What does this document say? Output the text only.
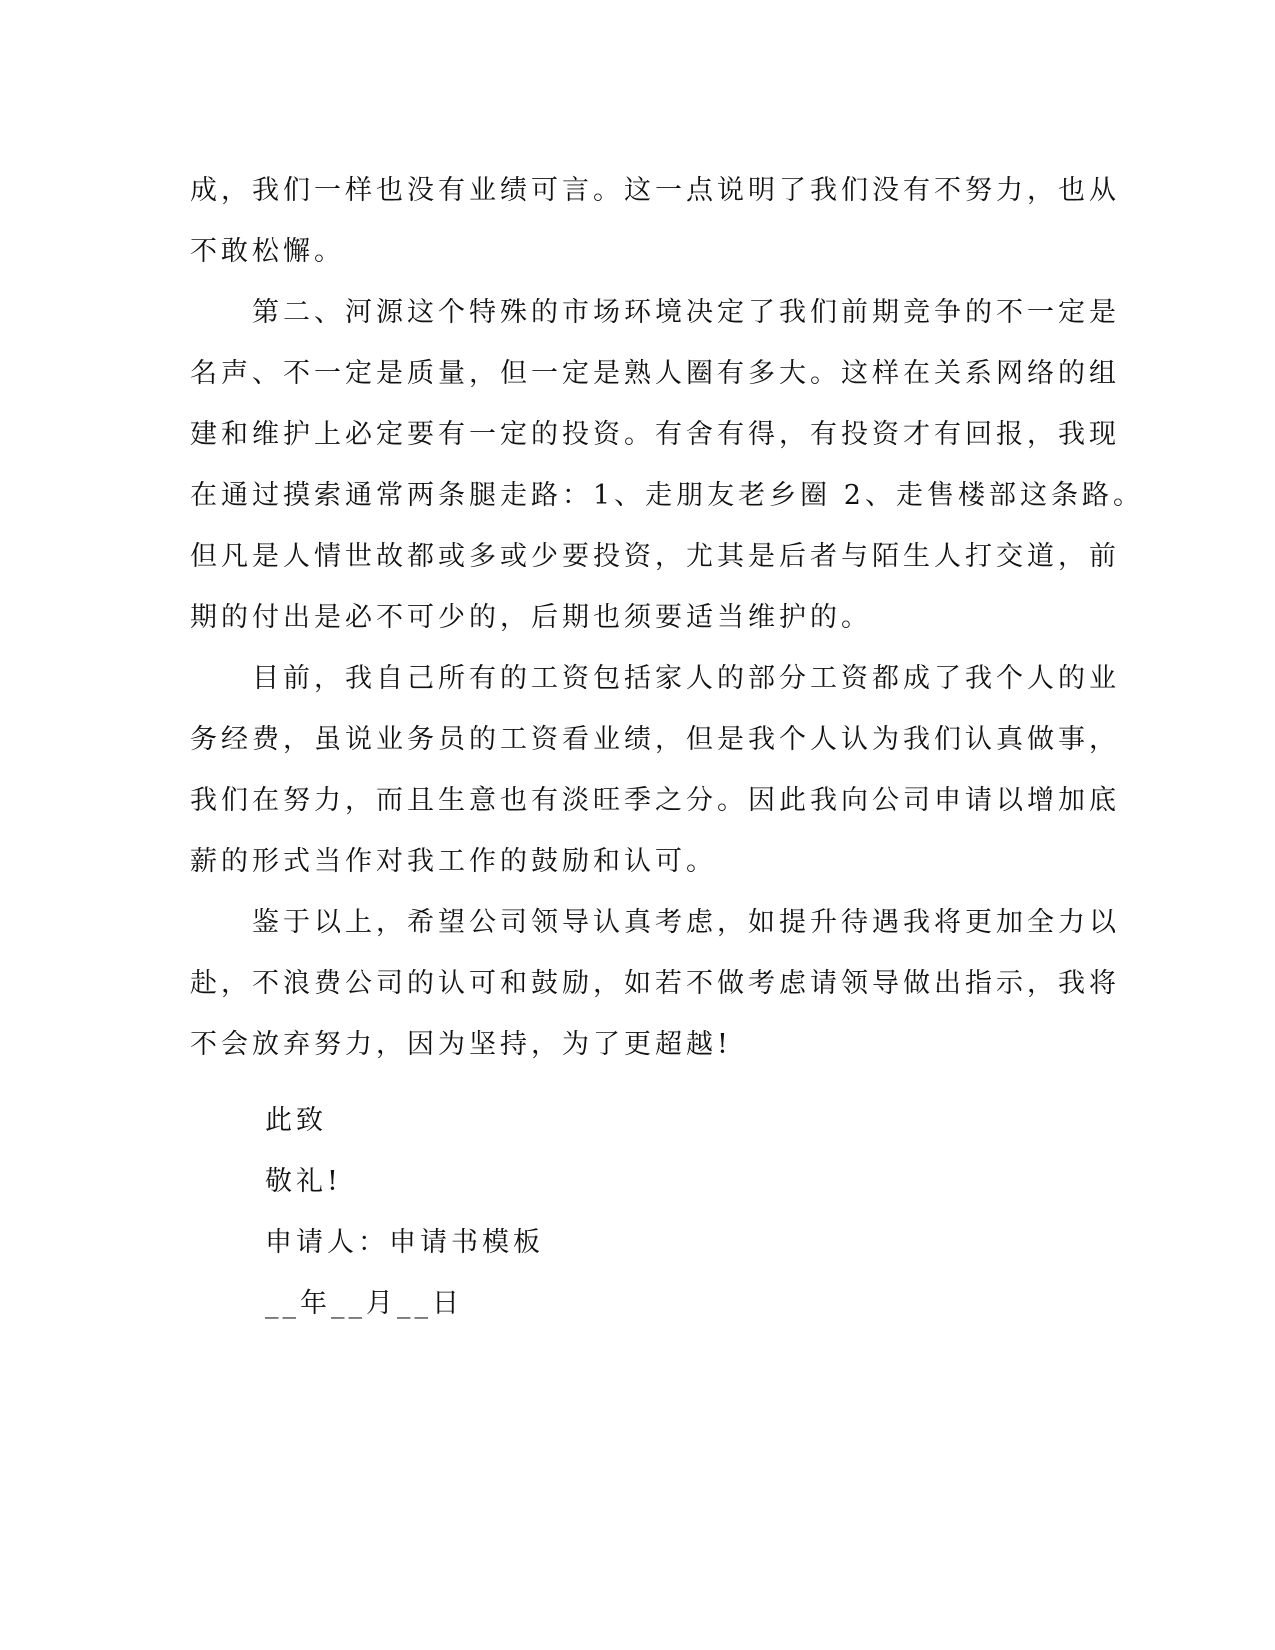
成，我们一样也没有业绩可言。这一点说明了我们没有不努力，也从
不敢松懈。
　　第二、河源这个特殊的市场环境决定了我们前期竞争的不一定是
名声、不一定是质量，但一定是熟人圈有多大。这样在关系网络的组
建和维护上必定要有一定的投资。有舍有得，有投资才有回报，我现
在通过摸索通常两条腿走路：1、走朋友老乡圈 2、走售楼部这条路。
但凡是人情世故都或多或少要投资，尤其是后者与陌生人打交道，前
期的付出是必不可少的，后期也须要适当维护的。
　　目前，我自己所有的工资包括家人的部分工资都成了我个人的业
务经费，虽说业务员的工资看业绩，但是我个人认为我们认真做事，
我们在努力，而且生意也有淡旺季之分。因此我向公司申请以增加底
薪的形式当作对我工作的鼓励和认可。
　　鉴于以上，希望公司领导认真考虑，如提升待遇我将更加全力以
赴，不浪费公司的认可和鼓励，如若不做考虑请领导做出指示，我将
不会放弃努力，因为坚持，为了更超越!
此致
敬礼!
申请人：申请书模板
__年__月__日
